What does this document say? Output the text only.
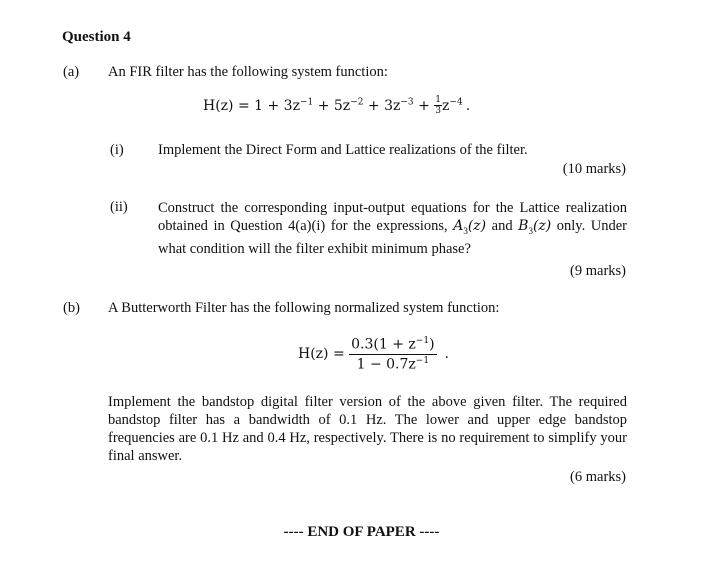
Question 4
(a) An FIR filter has the following system function:
$H(z) = 1 + 3z^{-1} + 5z^{-2} + 3z^{-3} + \frac{1}{3} z^{-4}$ .
(i) Implement the Direct Form and Lattice realizations of the filter.
(10 marks)
(ii) Construct the corresponding input-output equations for the Lattice realization obtained in Question 4(a)(i) for the expressions, $A_3(z)$ and $B_3(z)$ only. Under what condition will the filter exhibit minimum phase?
(9 marks)
(b) A Butterworth Filter has the following normalized system function:
$H(z) = \frac{0.3(1 + z^{-1})}{1 - 0.7z^{-1}}$ .
Implement the bandstop digital filter version of the above given filter. The required bandstop filter has a bandwidth of 0.1 Hz. The lower and upper edge bandstop frequencies are 0.1 Hz and 0.4 Hz, respectively. There is no requirement to simplify your final answer.
(6 marks)
---- END OF PAPER ----
